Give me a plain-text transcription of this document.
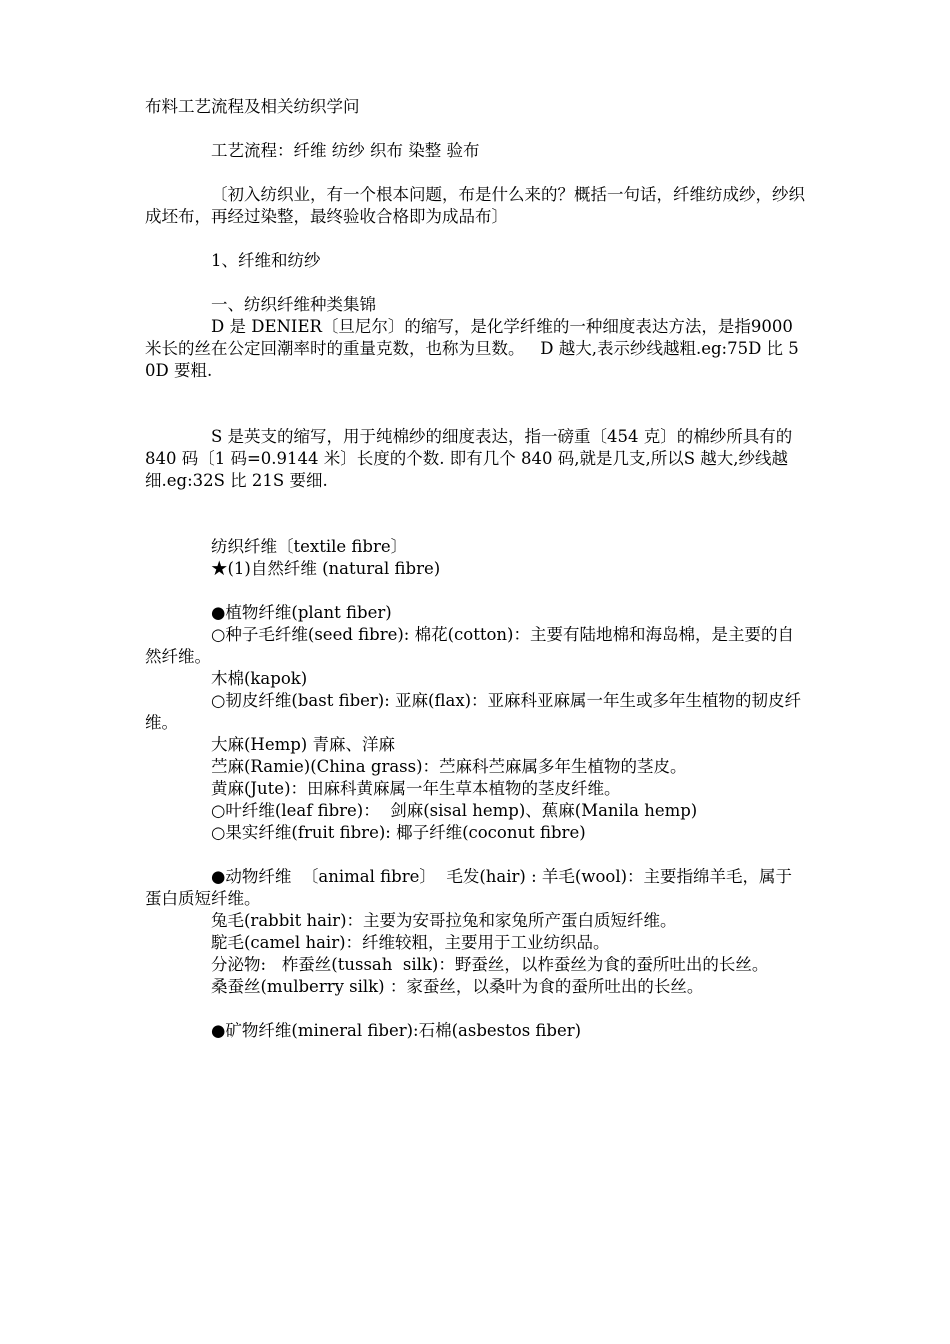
布料工艺流程及相关纺织学问

工艺流程：纤维 纺纱 织布 染整 验布

〔初入纺织业，有一个根本问题，布是什么来的？概括一句话，纤维纺成纱，纱织成坯布，再经过染整，最终验收合格即为成品布〕

1、纤维和纺纱

一、纺织纤维种类集锦

D 是 DENIER〔旦尼尔〕的缩写，是化学纤维的一种细度表达方法，是指9000 米长的丝在公定回潮率时的重量克数，也称为旦数。   D 越大,表示纱线越粗.eg:75D 比 50D 要粗.

S 是英支的缩写，用于纯棉纱的细度表达，指一磅重〔454 克〕的棉纱所具有的 840 码〔1 码=0.9144 米〕长度的个数. 即有几个 840 码,就是几支,所以S 越大,纱线越细.eg:32S 比 21S 要细.

纺织纤维〔textile fibre〕

★(1)自然纤维 (natural fibre)

●植物纤维(plant fiber)

○种子毛纤维(seed fibre): 棉花(cotton)：主要有陆地棉和海岛棉，是主要的自然纤维。

木棉(kapok)

○韧皮纤维(bast fiber): 亚麻(flax)：亚麻科亚麻属一年生或多年生植物的韧皮纤维。

大麻(Hemp) 青麻、洋麻

苎麻(Ramie)(China grass)：苎麻科苎麻属多年生植物的茎皮。

黄麻(Jute)：田麻科黄麻属一年生草本植物的茎皮纤维。

○叶纤维(leaf fibre)：  剑麻(sisal hemp)、蕉麻(Manila hemp)

○果实纤维(fruit fibre): 椰子纤维(coconut fibre)

●动物纤维  〔animal fibre〕  毛发(hair) : 羊毛(wool)：主要指绵羊毛，属于蛋白质短纤维。

兔毛(rabbit hair)：主要为安哥拉兔和家兔所产蛋白质短纤维。

駝毛(camel hair)：纤维较粗，主要用于工业纺织品。

分泌物:   柞蚕丝(tussah  silk)：野蚕丝，以柞蚕丝为食的蚕所吐出的长丝。

桑蚕丝(mulberry silk) ：家蚕丝，以桑叶为食的蚕所吐出的长丝。

●矿物纤维(mineral fiber):石棉(asbestos fiber)
